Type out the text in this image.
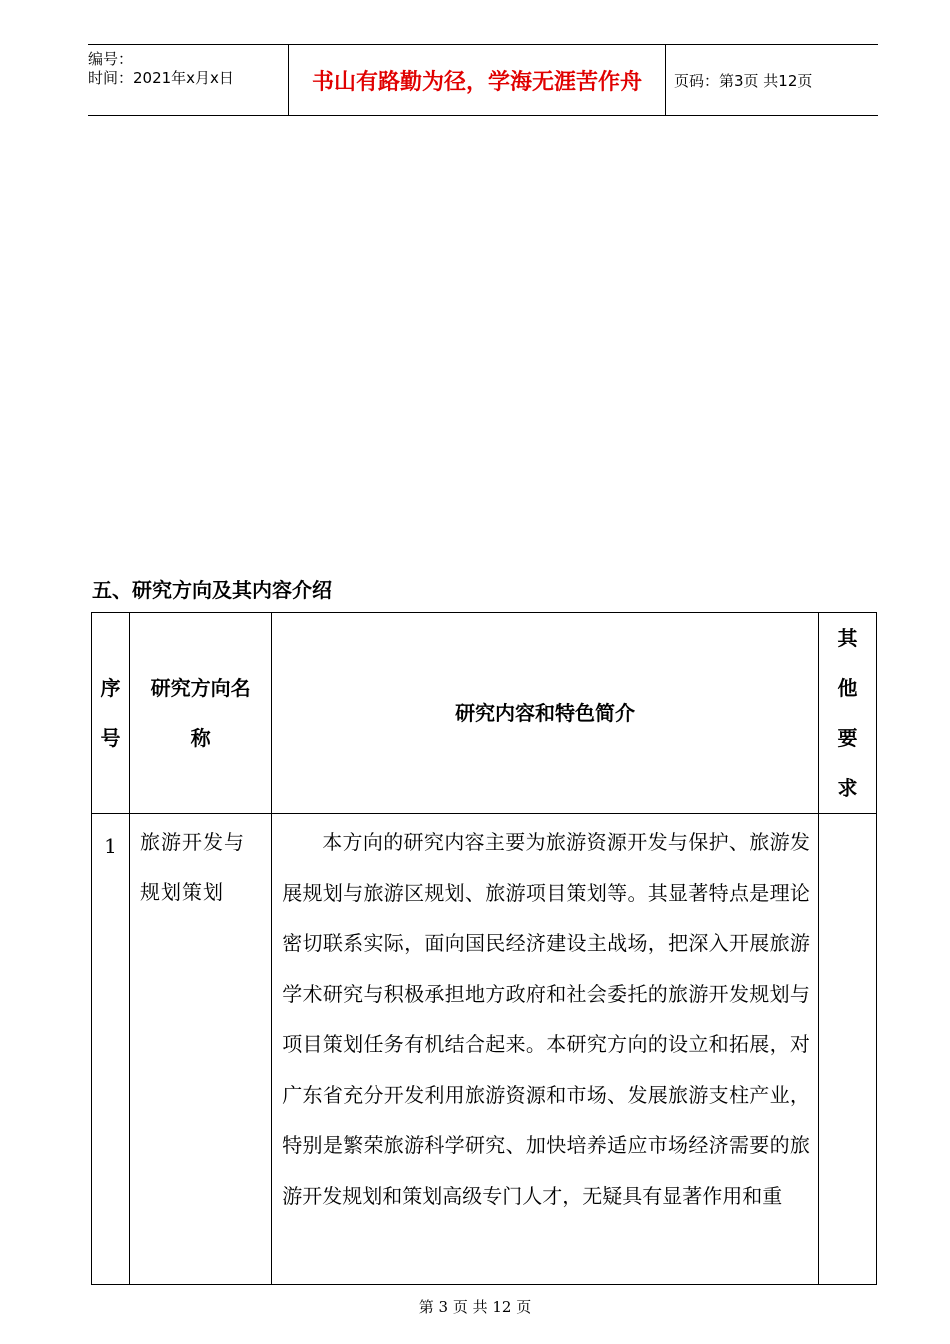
编号：
时间：2021年x月x日	书山有路勤为径，学海无涯苦作舟	页码：第3页 共12页
五、研究方向及其内容介绍
序号	研究方向名称	研究内容和特色简介	其他要求
1	旅游开发与规划策划	本方向的研究内容主要为旅游资源开发与保护、旅游发展规划与旅游区规划、旅游项目策划等。其显著特点是理论密切联系实际，面向国民经济建设主战场，把深入开展旅游学术研究与积极承担地方政府和社会委托的旅游开发规划与项目策划任务有机结合起来。本研究方向的设立和拓展，对广东省充分开发利用旅游资源和市场、发展旅游支柱产业，特别是繁荣旅游科学研究、加快培养适应市场经济需要的旅游开发规划和策划高级专门人才，无疑具有显著作用和重	
第 3 页 共 12 页
